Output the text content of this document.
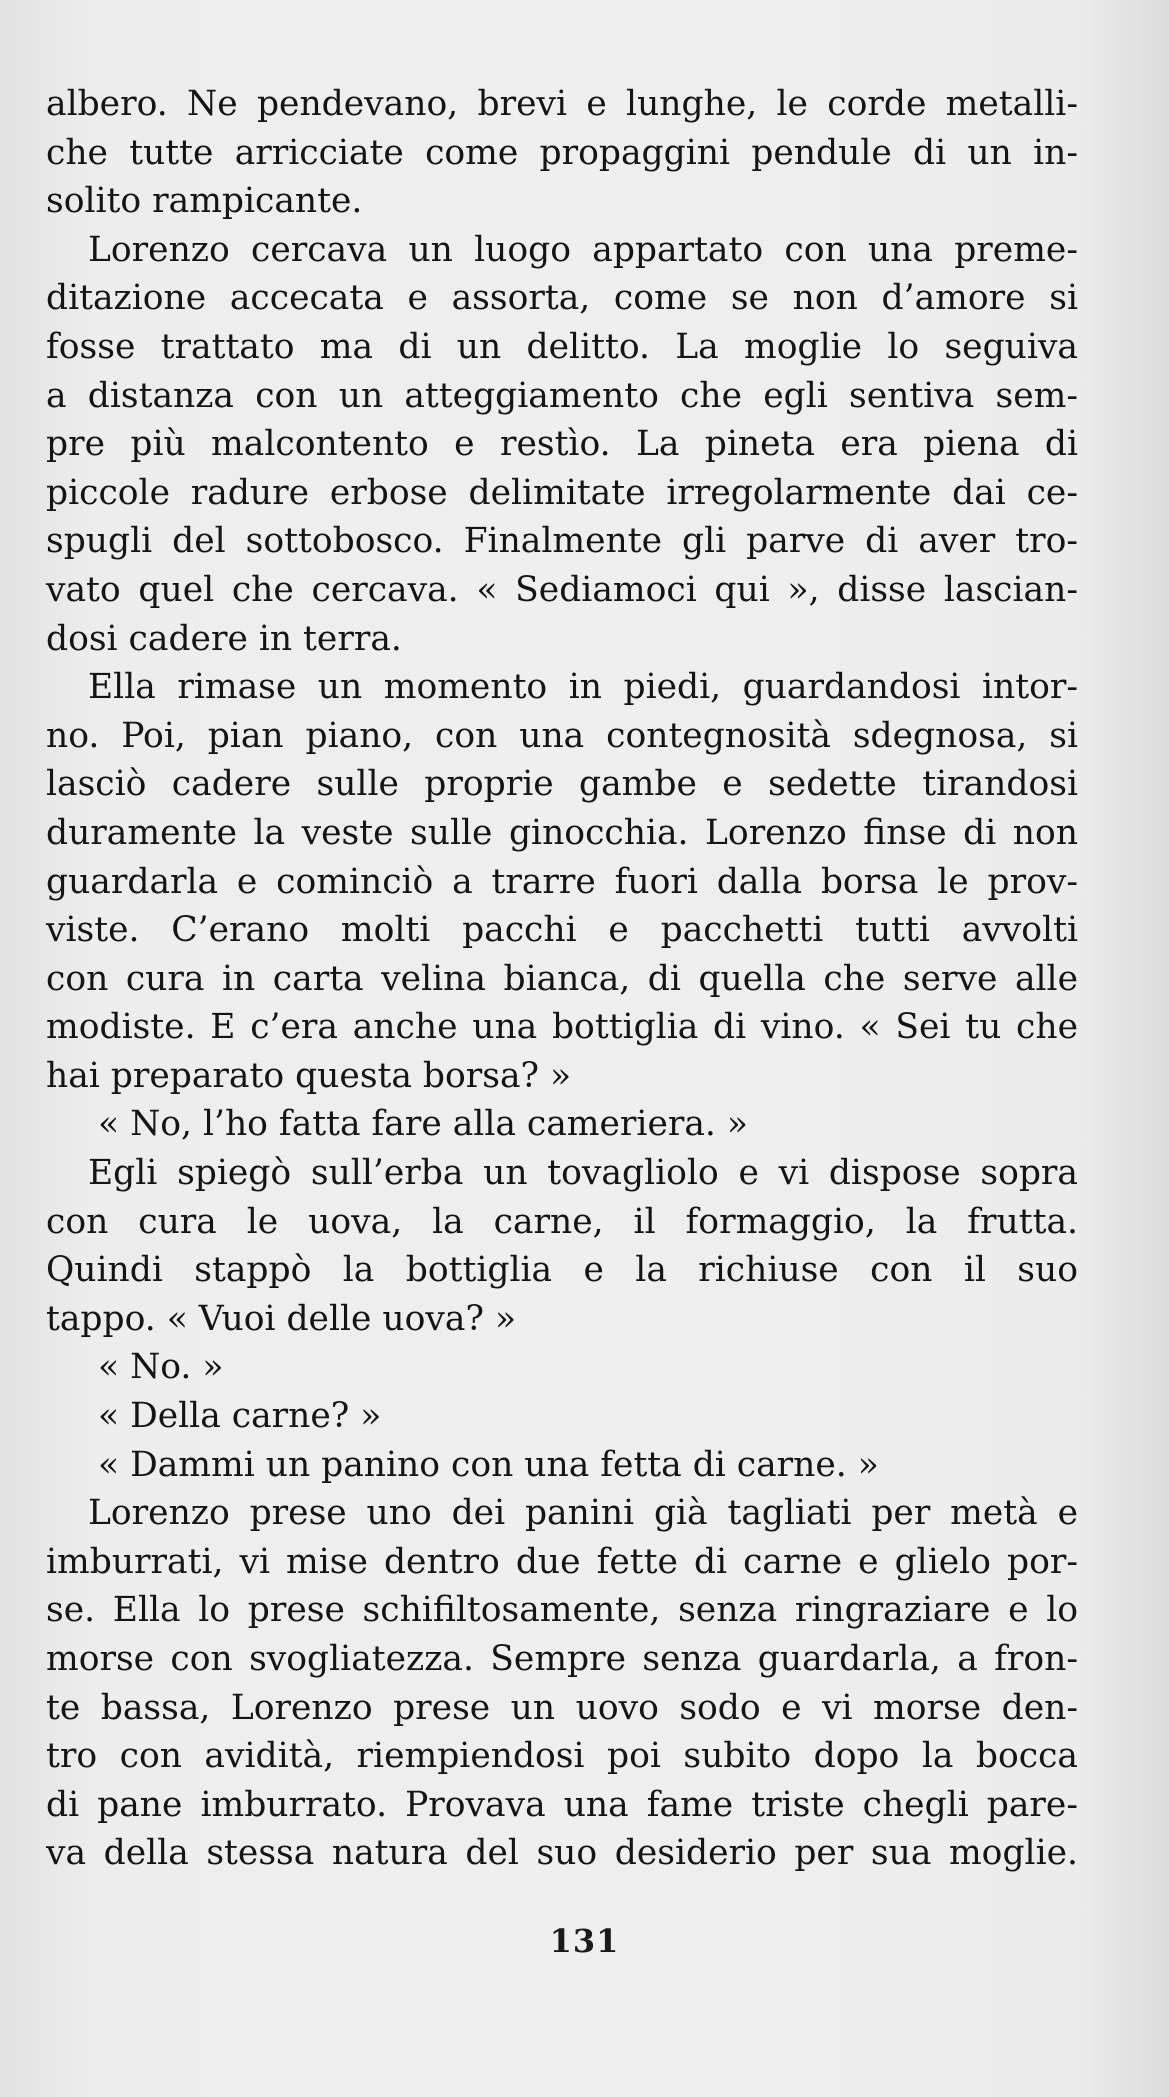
albero. Ne pendevano, brevi e lunghe, le corde metalli-
che tutte arricciate come propaggini pendule di un in-
solito rampicante.
Lorenzo cercava un luogo appartato con una preme-
ditazione accecata e assorta, come se non d’amore si
fosse trattato ma di un delitto. La moglie lo seguiva
a distanza con un atteggiamento che egli sentiva sem-
pre più malcontento e restìo. La pineta era piena di
piccole radure erbose delimitate irregolarmente dai ce-
spugli del sottobosco. Finalmente gli parve di aver tro-
vato quel che cercava. « Sediamoci qui », disse lascian-
dosi cadere in terra.
Ella rimase un momento in piedi, guardandosi intor-
no. Poi, pian piano, con una contegnosità sdegnosa, si
lasciò cadere sulle proprie gambe e sedette tirandosi
duramente la veste sulle ginocchia. Lorenzo finse di non
guardarla e cominciò a trarre fuori dalla borsa le prov-
viste. C’erano molti pacchi e pacchetti tutti avvolti
con cura in carta velina bianca, di quella che serve alle
modiste. E c’era anche una bottiglia di vino. « Sei tu che
hai preparato questa borsa? »
« No, l’ho fatta fare alla cameriera. »
Egli spiegò sull’erba un tovagliolo e vi dispose sopra
con cura le uova, la carne, il formaggio, la frutta.
Quindi stappò la bottiglia e la richiuse con il suo
tappo. « Vuoi delle uova? »
« No. »
« Della carne? »
« Dammi un panino con una fetta di carne. »
Lorenzo prese uno dei panini già tagliati per metà e
imburrati, vi mise dentro due fette di carne e glielo por-
se. Ella lo prese schifiltosamente, senza ringraziare e lo
morse con svogliatezza. Sempre senza guardarla, a fron-
te bassa, Lorenzo prese un uovo sodo e vi morse den-
tro con avidità, riempiendosi poi subito dopo la bocca
di pane imburrato. Provava una fame triste chegli pare-
va della stessa natura del suo desiderio per sua moglie.
131
